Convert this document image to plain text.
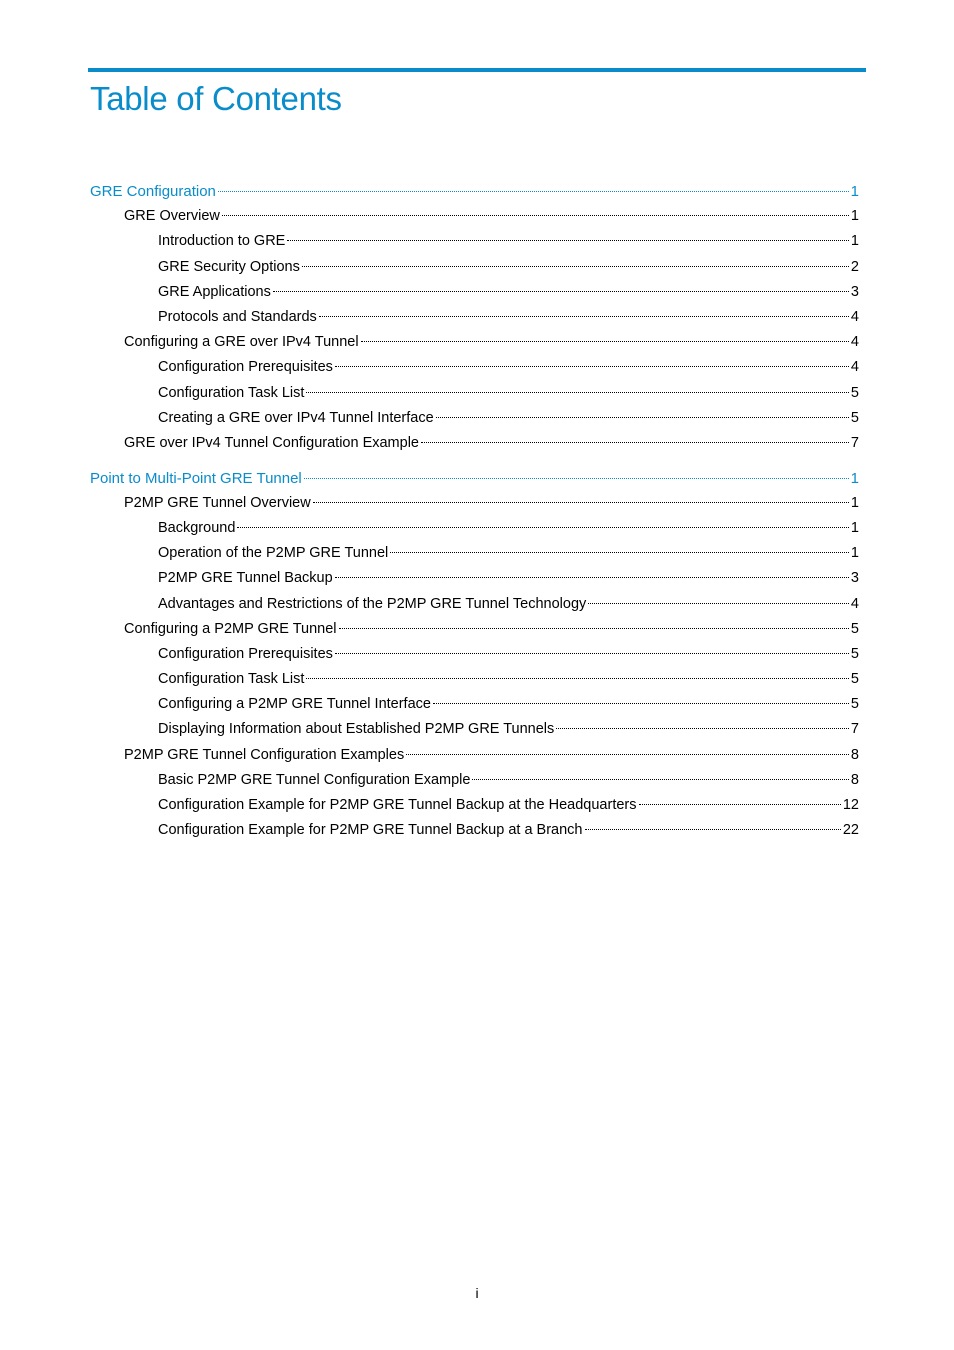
Table of Contents
GRE Configuration	1
GRE Overview	1
Introduction to GRE	1
GRE Security Options	2
GRE Applications	3
Protocols and Standards	4
Configuring a GRE over IPv4 Tunnel	4
Configuration Prerequisites	4
Configuration Task List	5
Creating a GRE over IPv4 Tunnel Interface	5
GRE over IPv4 Tunnel Configuration Example	7
Point to Multi-Point GRE Tunnel	1
P2MP GRE Tunnel Overview	1
Background	1
Operation of the P2MP GRE Tunnel	1
P2MP GRE Tunnel Backup	3
Advantages and Restrictions of the P2MP GRE Tunnel Technology	4
Configuring a P2MP GRE Tunnel	5
Configuration Prerequisites	5
Configuration Task List	5
Configuring a P2MP GRE Tunnel Interface	5
Displaying Information about Established P2MP GRE Tunnels	7
P2MP GRE Tunnel Configuration Examples	8
Basic P2MP GRE Tunnel Configuration Example	8
Configuration Example for P2MP GRE Tunnel Backup at the Headquarters	12
Configuration Example for P2MP GRE Tunnel Backup at a Branch	22
i
